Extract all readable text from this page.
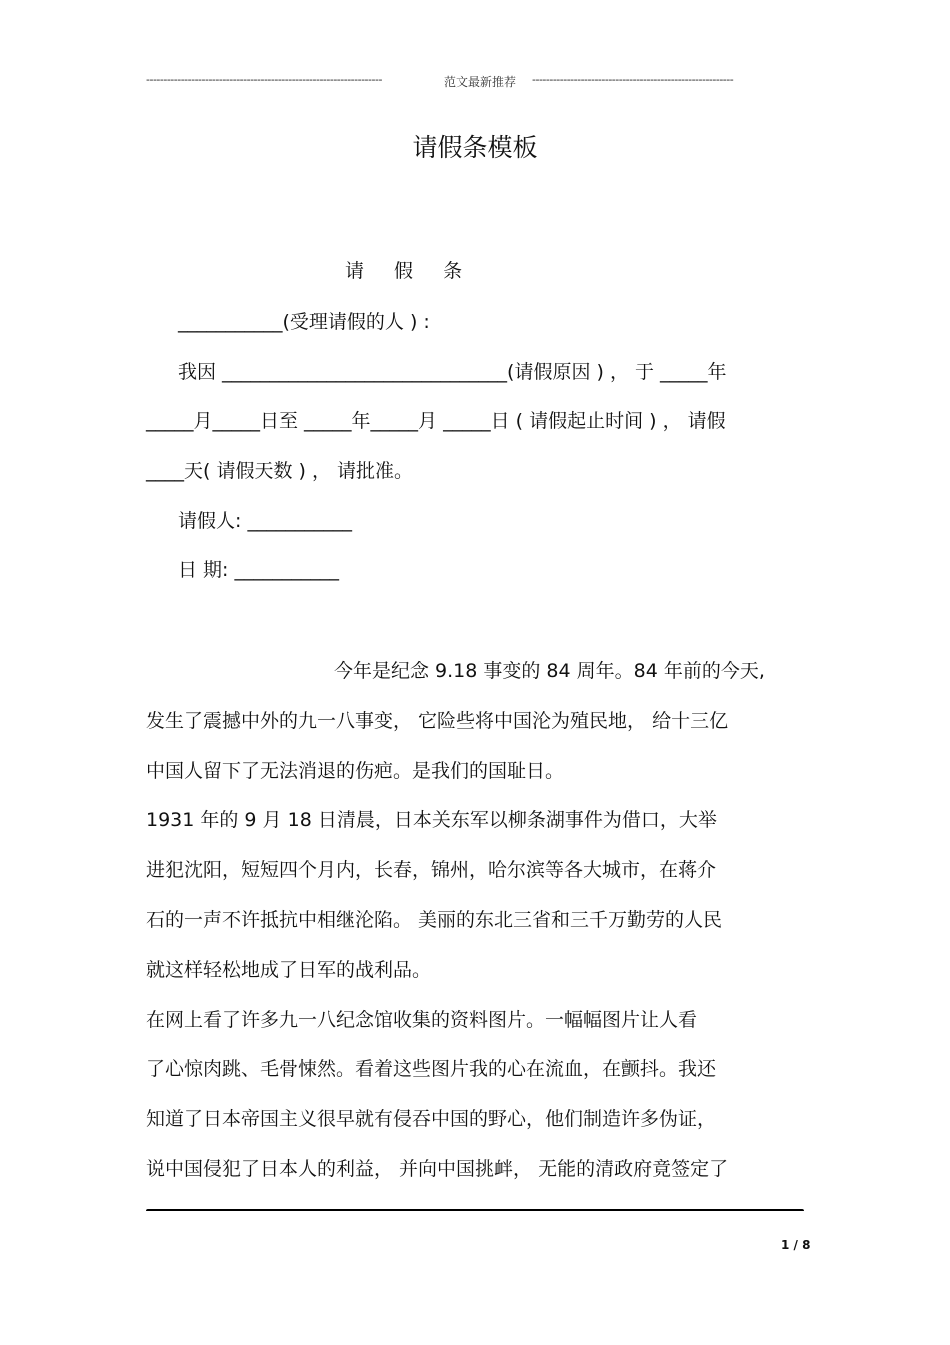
--------------------------------------------------------------------	范文最新推荐 ----------------------------------------------------------
请假条模板
请 假 条
___________(受理请假的人 ) :
我因 ______________________________(请假原因 ) ， 于 _____年
_____月_____日至 _____年_____月 _____日 ( 请假起止时间 ) ， 请假
____天( 请假天数 ) ， 请批准。
请假人: ___________
日 期: ___________
今年是纪念 9.18 事变的 84 周年。84 年前的今天,
发生了震撼中外的九一八事变， 它险些将中国沦为殖民地， 给十三亿
中国人留下了无法消退的伤疤。是我们的国耻日。
1931 年的 9 月 18 日清晨，日本关东军以柳条湖事件为借口，大举
进犯沈阳，短短四个月内，长春，锦州，哈尔滨等各大城市，在蒋介
石的一声不许抵抗中相继沦陷。 美丽的东北三省和三千万勤劳的人民
就这样轻松地成了日军的战利品。
在网上看了许多九一八纪念馆收集的资料图片。一幅幅图片让人看
了心惊肉跳、毛骨悚然。看着这些图片我的心在流血，在颤抖。我还
知道了日本帝国主义很早就有侵吞中国的野心，他们制造许多伪证，
说中国侵犯了日本人的利益， 并向中国挑衅， 无能的清政府竟签定了
1 / 8
